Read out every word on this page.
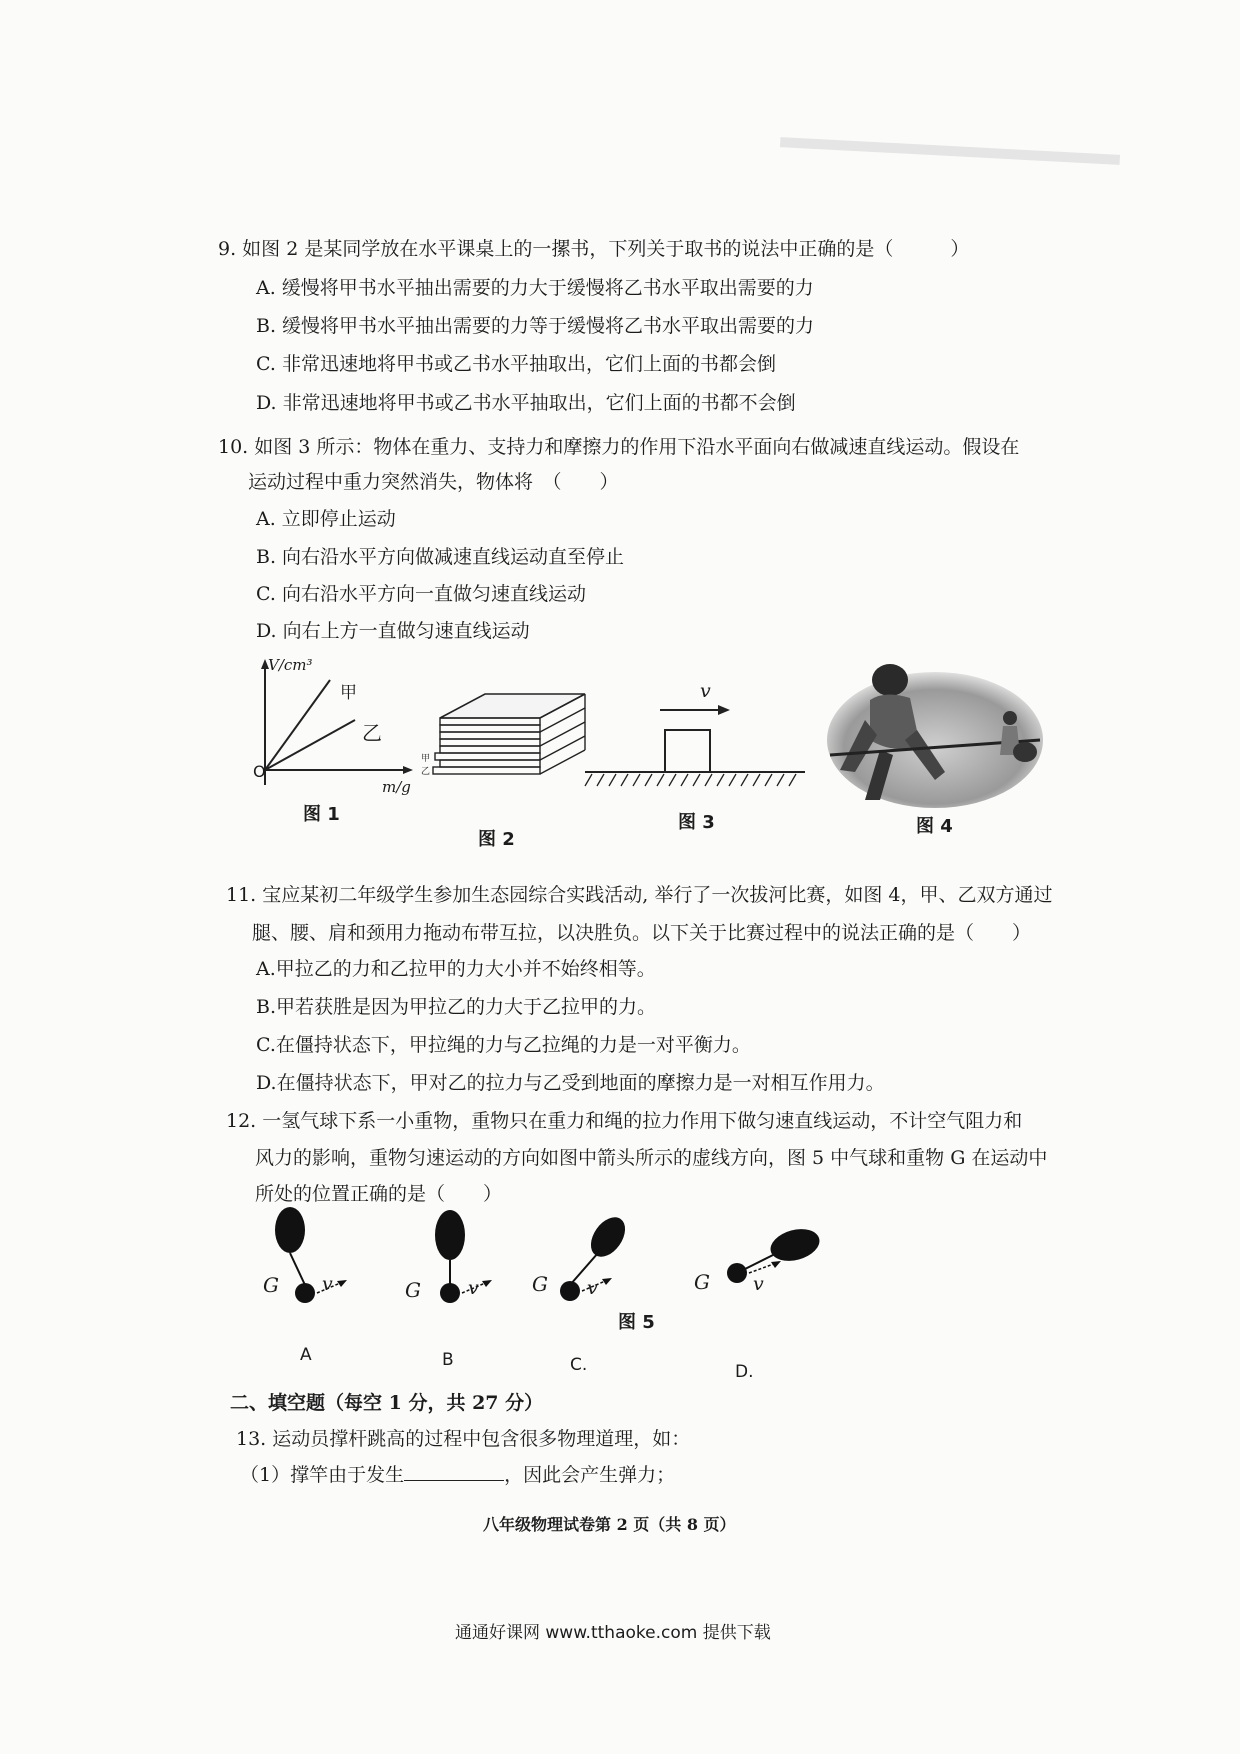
9. 如图 2 是某同学放在水平课桌上的一摞书，下列关于取书的说法中正确的是（　　　）
A. 缓慢将甲书水平抽出需要的力大于缓慢将乙书水平取出需要的力
B. 缓慢将甲书水平抽出需要的力等于缓慢将乙书水平取出需要的力
C. 非常迅速地将甲书或乙书水平抽取出，它们上面的书都会倒
D. 非常迅速地将甲书或乙书水平抽取出，它们上面的书都不会倒
10. 如图 3 所示：物体在重力、支持力和摩擦力的作用下沿水平面向右做减速直线运动。假设在
运动过程中重力突然消失，物体将　（　　）
A. 立即停止运动
B. 向右沿水平方向做减速直线运动直至停止
C. 向右沿水平方向一直做匀速直线运动
D. 向右上方一直做匀速直线运动
V/cm³
甲
乙
O
m/g
图 1
甲
乙
图 2
v
图 3	图 4
11. 宝应某初二年级学生参加生态园综合实践活动, 举行了一次拔河比赛，如图 4，甲、乙双方通过
腿、腰、肩和颈用力拖动布带互拉，以决胜负。以下关于比赛过程中的说法正确的是（　　）
A.甲拉乙的力和乙拉甲的力大小并不始终相等。
B.甲若获胜是因为甲拉乙的力大于乙拉甲的力。
C.在僵持状态下，甲拉绳的力与乙拉绳的力是一对平衡力。
D.在僵持状态下，甲对乙的拉力与乙受到地面的摩擦力是一对相互作用力。
12. 一氢气球下系一小重物，重物只在重力和绳的拉力作用下做匀速直线运动，不计空气阻力和
风力的影响，重物匀速运动的方向如图中箭头所示的虚线方向，图 5 中气球和重物 G 在运动中
所处的位置正确的是（　　）
G v	G v	G v	G v
图 5
A	B	C.	D.
二、填空题（每空 1 分，共 27 分）
13. 运动员撑杆跳高的过程中包含很多物理道理，如：
（1）撑竿由于发生	，因此会产生弹力；
八年级物理试卷第 2 页（共 8 页）
通通好课网 www.tthaoke.com 提供下载
